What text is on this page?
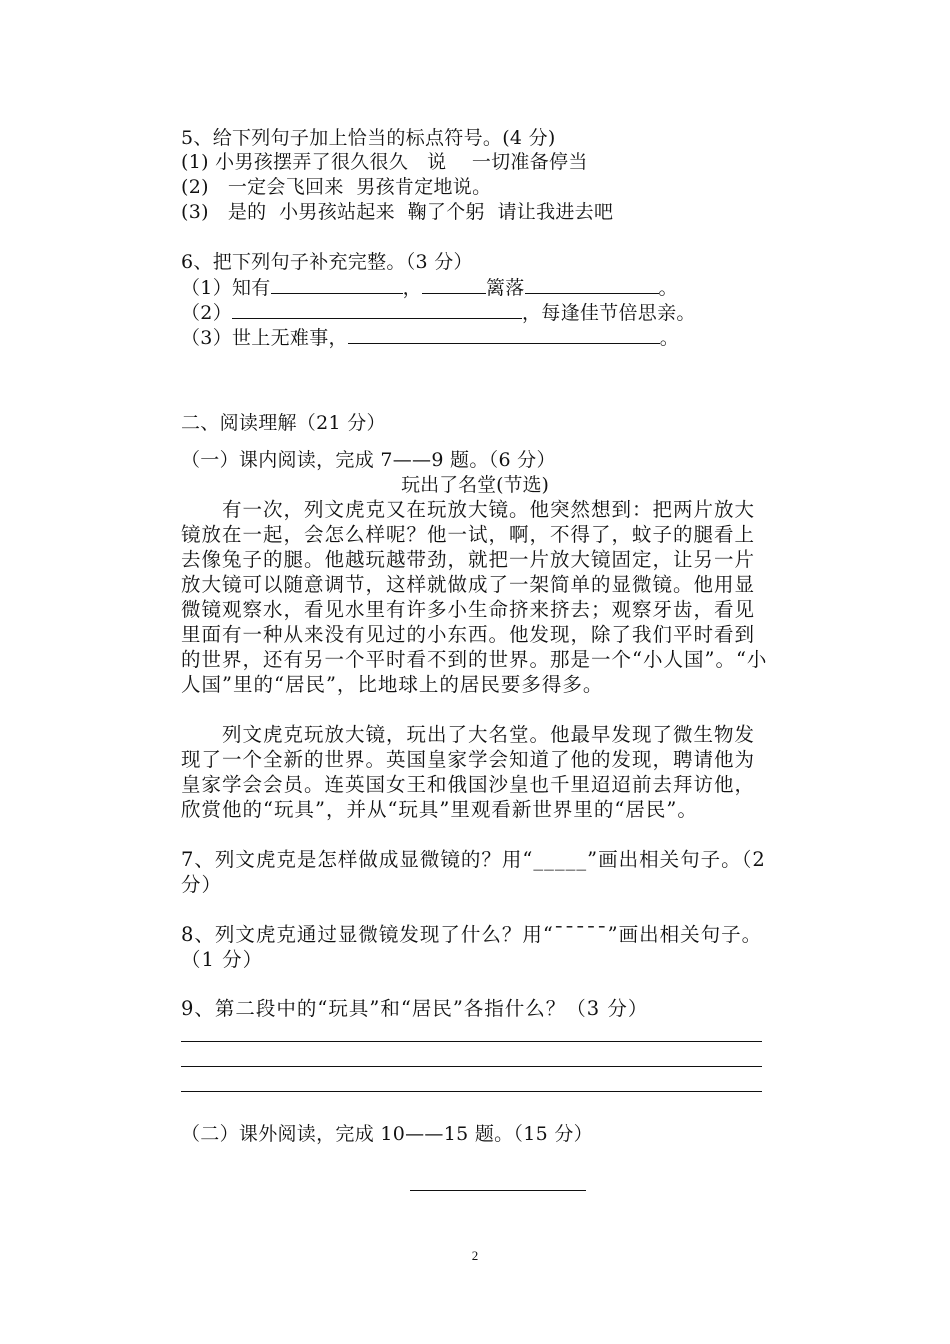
5、给下列句子加上恰当的标点符号。(4 分)

(1) 小男孩摆弄了很久很久   说    一切准备停当

(2)   一定会飞回来  男孩肯定地说。

(3)   是的  小男孩站起来  鞠了个躬  请让我进去吧

6、把下列句子补充完整。（3 分）

（1）知有	，	篱落	。

（2）	，每逢佳节倍思亲。

（3）世上无难事，	。

二、阅读理解（21 分）

（一）课内阅读，完成 7——9 题。（6 分）

玩出了名堂(节选)

有一次，列文虎克又在玩放大镜。他突然想到：把两片放大镜放在一起，会怎么样呢？他一试，啊，不得了，蚊子的腿看上去像兔子的腿。他越玩越带劲，就把一片放大镜固定，让另一片放大镜可以随意调节，这样就做成了一架简单的显微镜。他用显微镜观察水，看见水里有许多小生命挤来挤去；观察牙齿，看见里面有一种从来没有见过的小东西。他发现，除了我们平时看到的世界，还有另一个平时看不到的世界。那是一个“小人国”。“小人国”里的“居民”，比地球上的居民要多得多。

列文虎克玩放大镜，玩出了大名堂。他最早发现了微生物发现了一个全新的世界。英国皇家学会知道了他的发现，聘请他为皇家学会会员。连英国女王和俄国沙皇也千里迢迢前去拜访他，欣赏他的“玩具”，并从“玩具”里观看新世界里的“居民”。

7、列文虎克是怎样做成显微镜的？用“_____”画出相关句子。（2 分）

8、列文虎克通过显微镜发现了什么？用“ˉˉˉˉˉ”画出相关句子。（1 分）

9、第二段中的“玩具”和“居民”各指什么？（3 分）

（二）课外阅读，完成 10——15 题。（15 分）

2
